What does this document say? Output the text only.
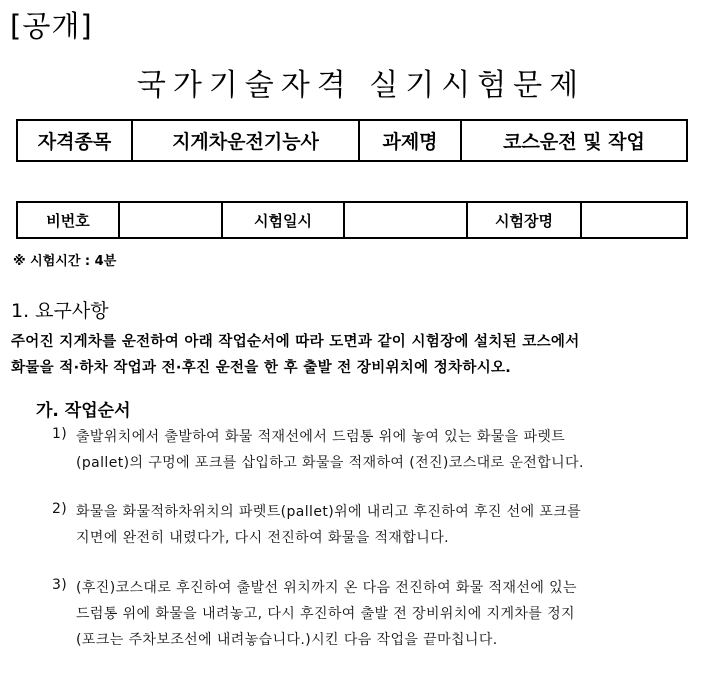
[공개]
국가기술자격 실기시험문제
자격종목	지게차운전기능사	과제명	코스운전 및 작업
비번호		시험일시		시험장명	
※ 시험시간 : 4분
1. 요구사항
주어진 지게차를 운전하여 아래 작업순서에 따라 도면과 같이 시험장에 설치된 코스에서
화물을 적·하차 작업과 전·후진 운전을 한 후 출발 전 장비위치에 정차하시오.
가. 작업순서
1) 출발위치에서 출발하여 화물 적재선에서 드럼통 위에 놓여 있는 화물을 파렛트
(pallet)의 구멍에 포크를 삽입하고 화물을 적재하여 (전진)코스대로 운전합니다.
2) 화물을 화물적하차위치의 파렛트(pallet)위에 내리고 후진하여 후진 선에 포크를
지면에 완전히 내렸다가, 다시 전진하여 화물을 적재합니다.
3) (후진)코스대로 후진하여 출발선 위치까지 온 다음 전진하여 화물 적재선에 있는
드럼통 위에 화물을 내려놓고, 다시 후진하여 출발 전 장비위치에 지게차를 정지
(포크는 주차보조선에 내려놓습니다.)시킨 다음 작업을 끝마칩니다.
